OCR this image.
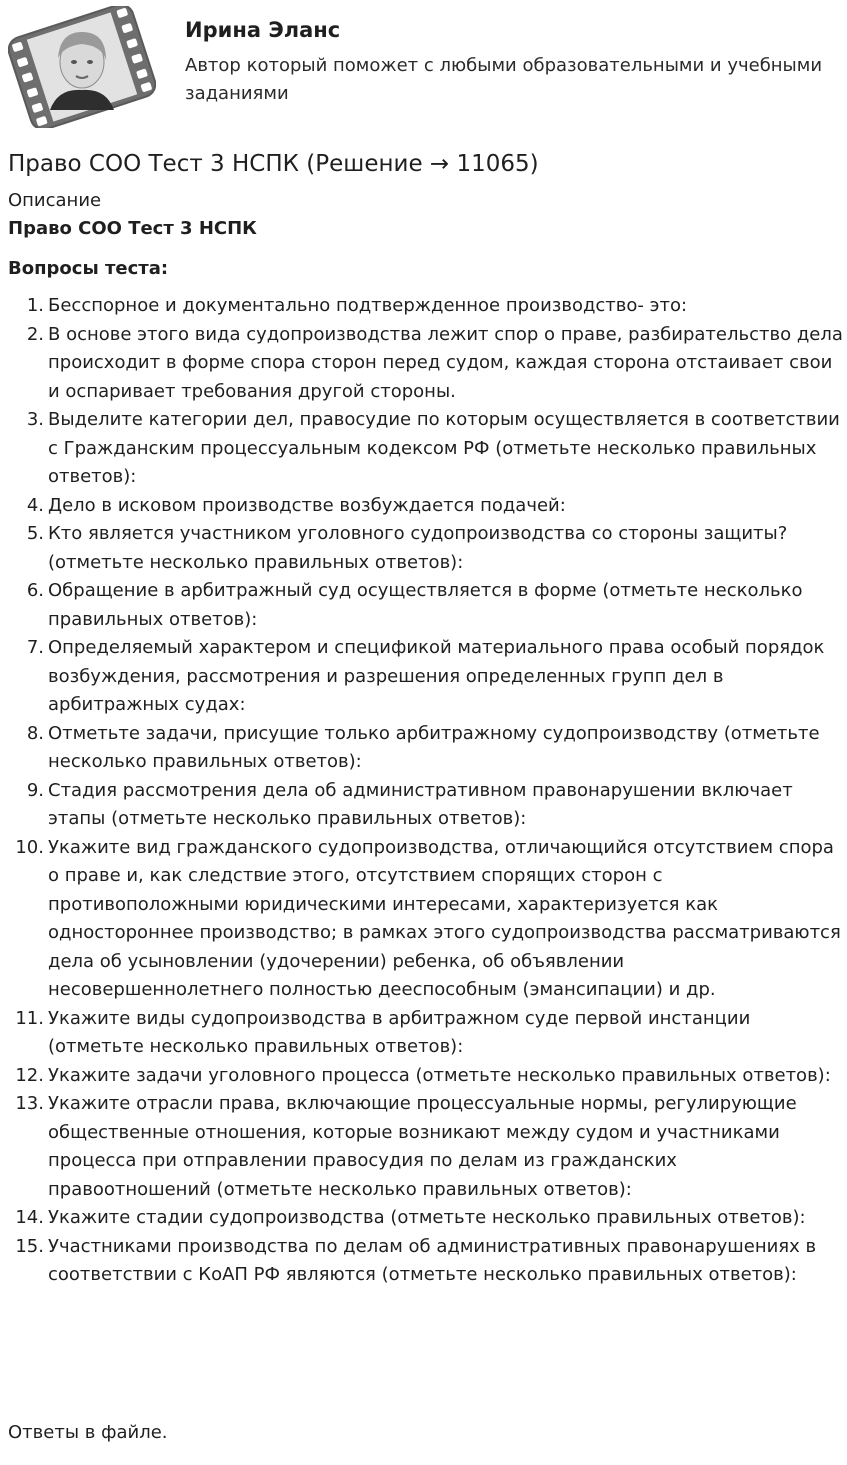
Ирина Эланс
Автор который поможет с любыми образовательными и учебными заданиями
Право СОО Тест 3 НСПК (Решение → 11065)
Описание
Право СОО Тест 3 НСПК
Вопросы теста:
1. Бесспорное и документально подтвержденное производство- это:
2. В основе этого вида судопроизводства лежит спор о праве, разбирательство дела происходит в форме спора сторон перед судом, каждая сторона отстаивает свои и оспаривает требования другой стороны.
3. Выделите категории дел, правосудие по которым осуществляется в соответствии с Гражданским процессуальным кодексом РФ (отметьте несколько правильных ответов):
4. Дело в исковом производстве возбуждается подачей:
5. Кто является участником уголовного судопроизводства со стороны защиты? (отметьте несколько правильных ответов):
6. Обращение в арбитражный суд осуществляется в форме (отметьте несколько правильных ответов):
7. Определяемый характером и спецификой материального права особый порядок возбуждения, рассмотрения и разрешения определенных групп дел в арбитражных судах:
8. Отметьте задачи, присущие только арбитражному судопроизводству (отметьте несколько правильных ответов):
9. Стадия рассмотрения дела об административном правонарушении включает этапы (отметьте несколько правильных ответов):
10. Укажите вид гражданского судопроизводства, отличающийся отсутствием спора о праве и, как следствие этого, отсутствием спорящих сторон с противоположными юридическими интересами, характеризуется как одностороннее производство; в рамках этого судопроизводства рассматриваются дела об усыновлении (удочерении) ребенка, об объявлении несовершеннолетнего полностью дееспособным (эмансипации) и др.
11. Укажите виды судопроизводства в арбитражном суде первой инстанции (отметьте несколько правильных ответов):
12. Укажите задачи уголовного процесса (отметьте несколько правильных ответов):
13. Укажите отрасли права, включающие процессуальные нормы, регулирующие общественные отношения, которые возникают между судом и участниками процесса при отправлении правосудия по делам из гражданских правоотношений (отметьте несколько правильных ответов):
14. Укажите стадии судопроизводства (отметьте несколько правильных ответов):
15. Участниками производства по делам об административных правонарушениях в соответствии с КоАП РФ являются (отметьте несколько правильных ответов):
Ответы в файле.
